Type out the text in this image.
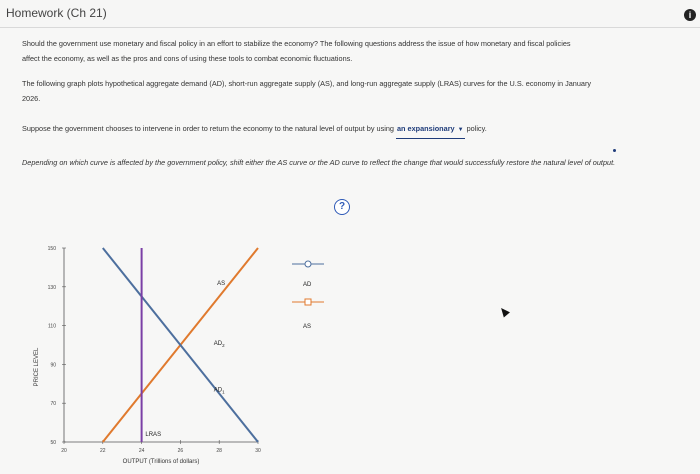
Homework (Ch 21)	i
Should the government use monetary and fiscal policy in an effort to stabilize the economy? The following questions address the issue of how monetary and fiscal policies affect the economy, as well as the pros and cons of using these tools to combat economic fluctuations.
The following graph plots hypothetical aggregate demand (AD), short-run aggregate supply (AS), and long-run aggregate supply (LRAS) curves for the U.S. economy in January 2026.
Suppose the government chooses to intervene in order to return the economy to the natural level of output by using an expansionary ▼ policy.
Depending on which curve is affected by the government policy, shift either the AS curve or the AD curve to reflect the change that would successfully restore the natural level of output.
?
50
70
90
110
130
150
20	22	24	26	28	30
AS
$AD_2$
$AD_1$
LRAS
PRICE LEVEL
OUTPUT (Trillions of dollars)
AD
AS
